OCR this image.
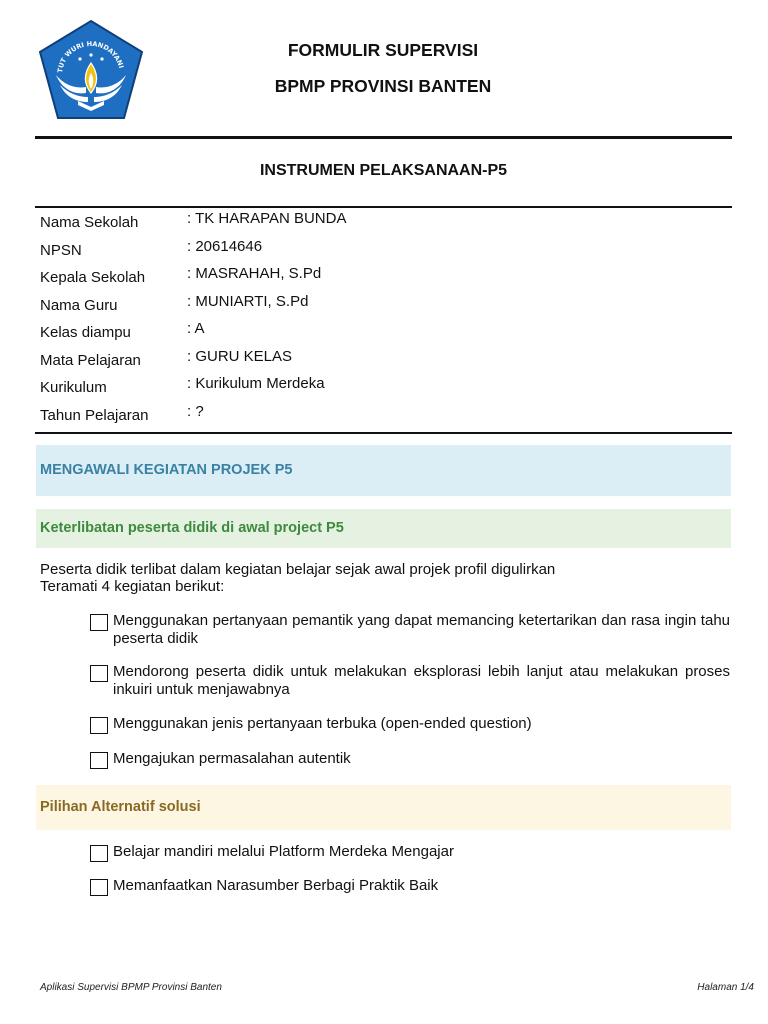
TUT WURI HANDAYANI
FORMULIR SUPERVISI
BPMP PROVINSI BANTEN
INSTRUMEN PELAKSANAAN-P5
Nama Sekolah	: TK HARAPAN BUNDA
NPSN	: 20614646
Kepala Sekolah	: MASRAHAH, S.Pd
Nama Guru	: MUNIARTI, S.Pd
Kelas diampu	: A
Mata Pelajaran	: GURU KELAS
Kurikulum	: Kurikulum Merdeka
Tahun Pelajaran	: ?
MENGAWALI KEGIATAN PROJEK P5
Keterlibatan peserta didik di awal project P5
Peserta didik terlibat dalam kegiatan belajar sejak awal projek profil digulirkan
Teramati 4 kegiatan berikut:
Menggunakan pertanyaan pemantik yang dapat memancing ketertarikan dan rasa ingin tahu peserta didik
Mendorong peserta didik untuk melakukan eksplorasi lebih lanjut atau melakukan proses inkuiri untuk menjawabnya
Menggunakan jenis pertanyaan terbuka (open-ended question)
Mengajukan permasalahan autentik
Pilihan Alternatif solusi
Belajar mandiri melalui Platform Merdeka Mengajar
Memanfaatkan Narasumber Berbagi Praktik Baik
Aplikasi Supervisi BPMP Provinsi Banten	Halaman 1/4
